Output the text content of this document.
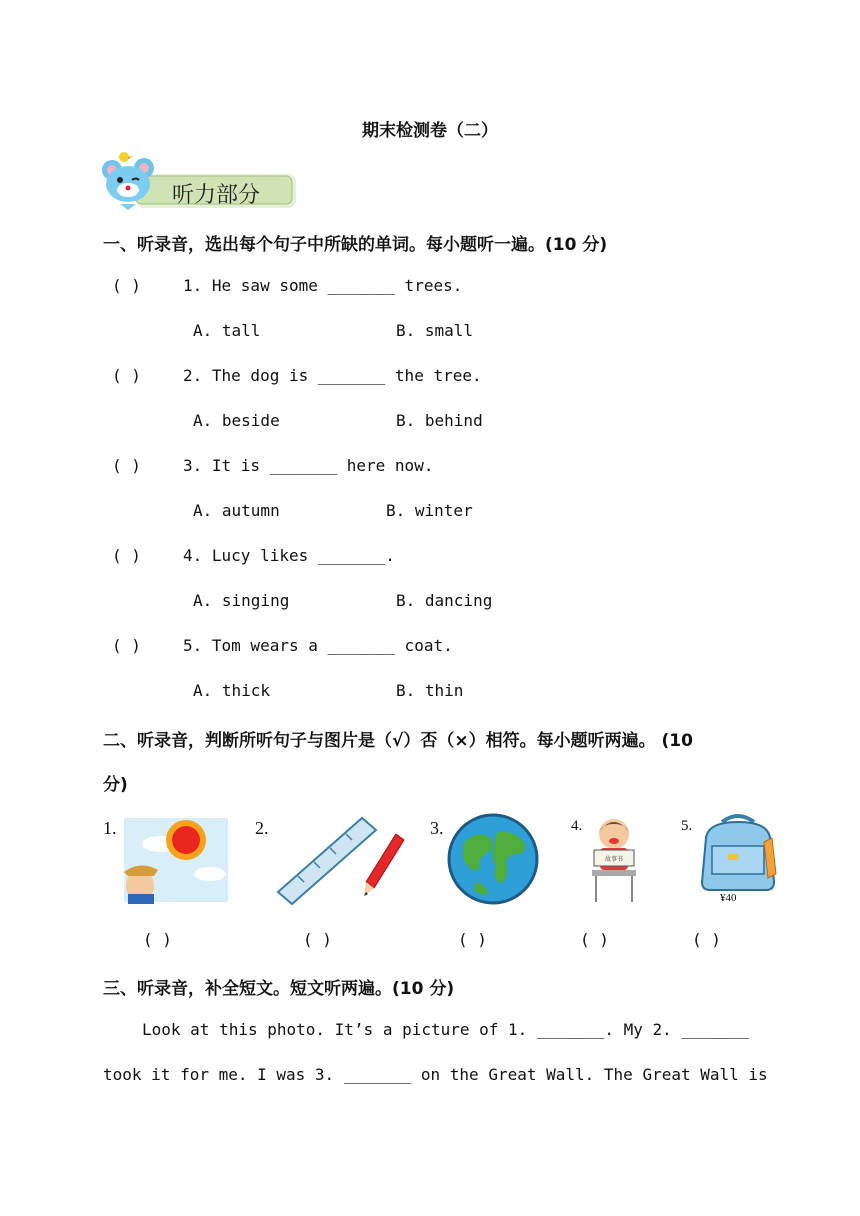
期末检测卷（二）
听力部分
一、听录音，选出每个句子中所缺的单词。每小题听一遍。(10 分)
( )	1. He saw some _______ trees.
A. tall	B. small
( )	2. The dog is _______ the tree.
A. beside	B. behind
( )	3. It is _______ here now.
A. autumn	B. winter
( )	4. Lucy likes _______.
A. singing	B. dancing
( )	5. Tom wears a _______ coat.
A. thick	B. thin
二、听录音，判断所听句子与图片是（√）否（×）相符。每小题听两遍。 (10
分)
1.	2.	3.	4.
故事书
5.
¥40
( )	( )	( )	( )	( )
三、听录音，补全短文。短文听两遍。(10 分)
Look at this photo. It’s a picture of 1. _______. My 2. _______
took it for me. I was 3. _______ on the Great Wall. The Great Wall is
